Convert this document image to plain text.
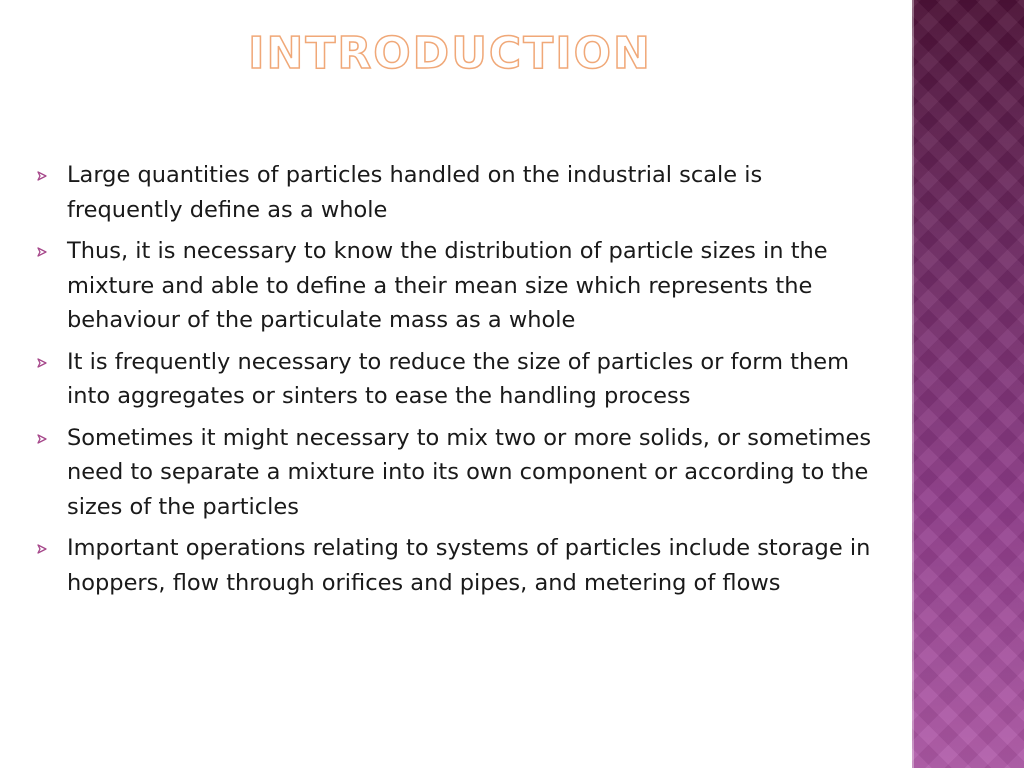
INTRODUCTION
Large quantities of particles handled on the industrial scale is frequently define as a whole
Thus, it is necessary to know the distribution of particle sizes in the mixture and able to define a their mean size which represents the behaviour of the particulate mass as a whole
It is frequently necessary to reduce the size of particles or form them into aggregates or sinters to ease the handling process
Sometimes it might necessary to mix two or more solids, or sometimes need to separate a mixture into its own component or according to the sizes of the particles
Important operations relating to systems of particles include storage in hoppers, flow through orifices and pipes, and metering of flows
